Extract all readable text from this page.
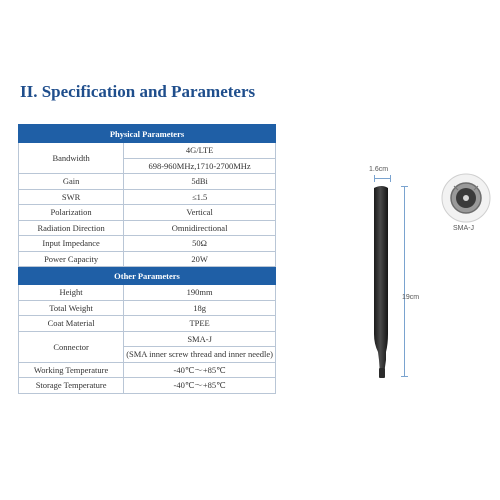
II. Specification and Parameters
Physical Parameters	
Bandwidth	4G/LTE
	698-960MHz,1710-2700MHz
Gain	5dBi
SWR	≤1.5
Polarization	Vertical
Radiation Direction	Omnidirectional
Input Impedance	50Ω
Power Capacity	20W
Other Parameters	
Height	190mm
Total Weight	18g
Coat Material	TPEE
Connector	SMA-J
	(SMA inner screw thread and inner needle)
Working Temperature	-40℃～+85℃
Storage Temperature	-40℃～+85℃
1.6cm
19cm
SMA-J
